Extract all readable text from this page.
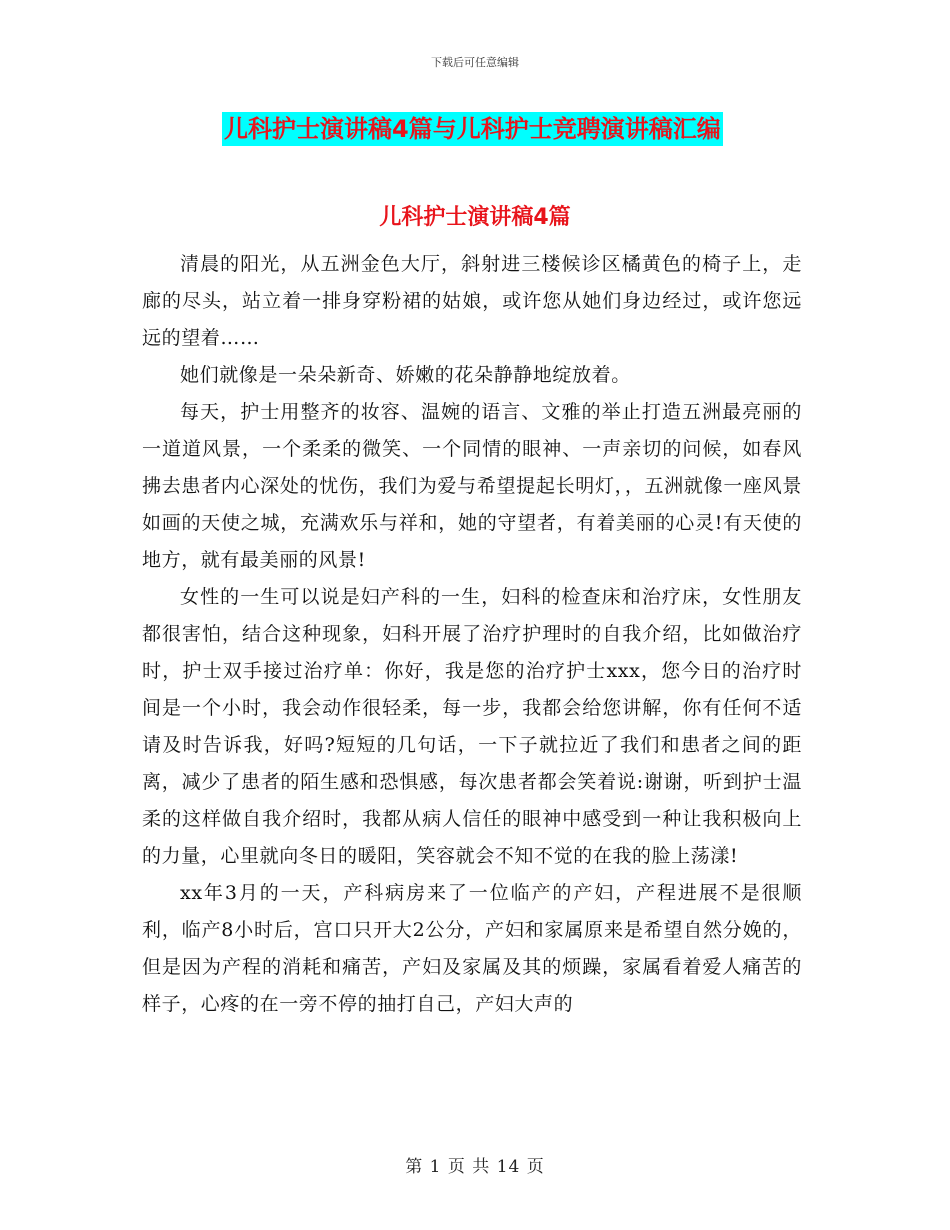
下载后可任意编辑
儿科护士演讲稿4篇与儿科护士竞聘演讲稿汇编
儿科护士演讲稿4篇

清晨的阳光，从五洲金色大厅，斜射进三楼候诊区橘黄色的椅子上，走廊的尽头，站立着一排身穿粉裙的姑娘，或许您从她们身边经过，或许您远远的望着……

她们就像是一朵朵新奇、娇嫩的花朵静静地绽放着。

每天，护士用整齐的妆容、温婉的语言、文雅的举止打造五洲最亮丽的一道道风景，一个柔柔的微笑、一个同情的眼神、一声亲切的问候，如春风拂去患者内心深处的忧伤，我们为爱与希望提起长明灯，，五洲就像一座风景如画的天使之城，充满欢乐与祥和，她的守望者，有着美丽的心灵!有天使的地方，就有最美丽的风景!

女性的一生可以说是妇产科的一生，妇科的检查床和治疗床，女性朋友都很害怕，结合这种现象，妇科开展了治疗护理时的自我介绍，比如做治疗时，护士双手接过治疗单：你好，我是您的治疗护士xxx，您今日的治疗时间是一个小时，我会动作很轻柔，每一步，我都会给您讲解，你有任何不适请及时告诉我，好吗?短短的几句话，一下子就拉近了我们和患者之间的距离，减少了患者的陌生感和恐惧感，每次患者都会笑着说:谢谢，听到护士温柔的这样做自我介绍时，我都从病人信任的眼神中感受到一种让我积极向上的力量，心里就向冬日的暖阳，笑容就会不知不觉的在我的脸上荡漾!

xx年3月的一天，产科病房来了一位临产的产妇，产程进展不是很顺利，临产8小时后，宫口只开大2公分，产妇和家属原来是希望自然分娩的，但是因为产程的消耗和痛苦，产妇及家属及其的烦躁，家属看着爱人痛苦的样子，心疼的在一旁不停的抽打自己，产妇大声的

第 1 页 共 14 页
